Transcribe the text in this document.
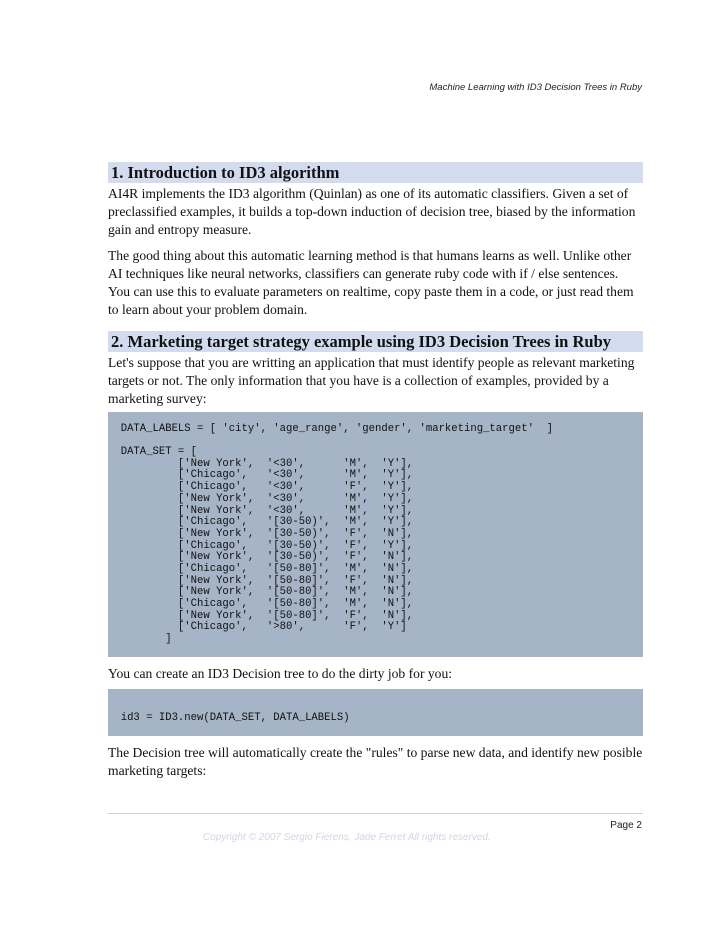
Machine Learning with ID3 Decision Trees in Ruby
1. Introduction to ID3 algorithm

AI4R implements the ID3 algorithm (Quinlan) as one of its automatic classifiers. Given a set of preclassified examples, it builds a top-down induction of decision tree, biased by the information gain and entropy measure.

The good thing about this automatic learning method is that humans learns as well. Unlike other AI techniques like neural networks, classifiers can generate ruby code with if / else sentences. You can use this to evaluate parameters on realtime, copy paste them in a code, or just read them to learn about your problem domain.

2. Marketing target strategy example using ID3 Decision Trees in Ruby

Let's suppose that you are writting an application that must identify people as relevant marketing targets or not. The only information that you have is a collection of examples, provided by a marketing survey:

DATA_LABELS = [ 'city', 'age_range', 'gender', 'marketing_target'  ]
DATA_SET = [
['New York',  '<30',      'M',  'Y'],
['Chicago',   '<30',      'M',  'Y'],
['Chicago',   '<30',      'F',  'Y'],
['New York',  '<30',      'M',  'Y'],
['New York',  '<30',      'M',  'Y'],
['Chicago',   '[30-50)',  'M',  'Y'],
['New York',  '[30-50)',  'F',  'N'],
['Chicago',   '[30-50)',  'F',  'Y'],
['New York',  '[30-50)',  'F',  'N'],
['Chicago',   '[50-80]',  'M',  'N'],
['New York',  '[50-80]',  'F',  'N'],
['New York',  '[50-80]',  'M',  'N'],
['Chicago',   '[50-80]',  'M',  'N'],
['New York',  '[50-80]',  'F',  'N'],
['Chicago',   '>80',      'F',  'Y']
]

You can create an ID3 Decision tree to do the dirty job for you:

id3 = ID3.new(DATA_SET, DATA_LABELS)

The Decision tree will automatically create the "rules" to parse new data, and identify new posible marketing targets:

Page 2
Copyright © 2007 Sergio Fierens, Jade Ferret All rights reserved.
